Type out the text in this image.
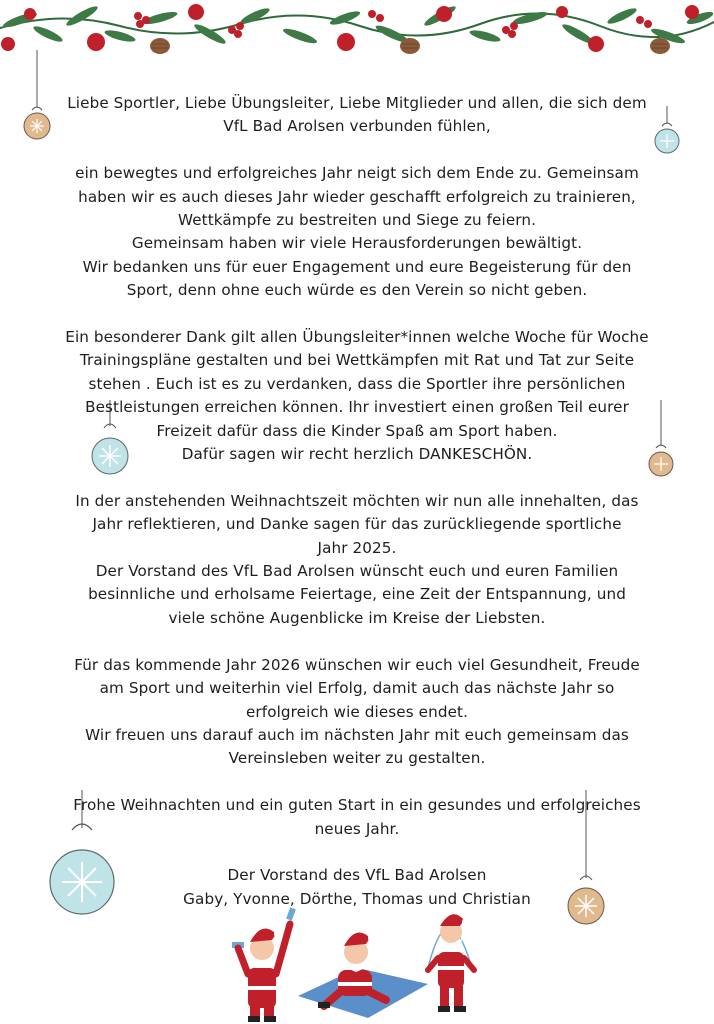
Liebe Sportler, Liebe Übungsleiter, Liebe Mitglieder und allen, die sich dem
VfL Bad Arolsen verbunden fühlen,

ein bewegtes und erfolgreiches Jahr neigt sich dem Ende zu. Gemeinsam
haben wir es auch dieses Jahr wieder geschafft erfolgreich zu trainieren,
Wettkämpfe zu bestreiten und Siege zu feiern.
Gemeinsam haben wir viele Herausforderungen bewältigt.
Wir bedanken uns für euer Engagement und eure Begeisterung für den
Sport, denn ohne euch würde es den Verein so nicht geben.

Ein besonderer Dank gilt allen Übungsleiter*innen welche Woche für Woche
Trainingspläne gestalten und bei Wettkämpfen mit Rat und Tat zur Seite
stehen . Euch ist es zu verdanken, dass die Sportler ihre persönlichen
Bestleistungen erreichen können. Ihr investiert einen großen Teil eurer
Freizeit dafür dass die Kinder Spaß am Sport haben.
Dafür sagen wir recht herzlich DANKESCHÖN.

In der anstehenden Weihnachtszeit möchten wir nun alle innehalten, das
Jahr reflektieren, und Danke sagen für das zurückliegende sportliche
Jahr 2025.
Der Vorstand des VfL Bad Arolsen wünscht euch und euren Familien
besinnliche und erholsame Feiertage, eine Zeit der Entspannung, und
viele schöne Augenblicke im Kreise der Liebsten.

Für das kommende Jahr 2026 wünschen wir euch viel Gesundheit, Freude
am Sport und weiterhin viel Erfolg, damit auch das nächste Jahr so
erfolgreich wie dieses endet.
Wir freuen uns darauf auch im nächsten Jahr mit euch gemeinsam das
Vereinsleben weiter zu gestalten.

Frohe Weihnachten und ein guten Start in ein gesundes und erfolgreiches
neues Jahr.

Der Vorstand des VfL Bad Arolsen
Gaby, Yvonne, Dörthe, Thomas und Christian
